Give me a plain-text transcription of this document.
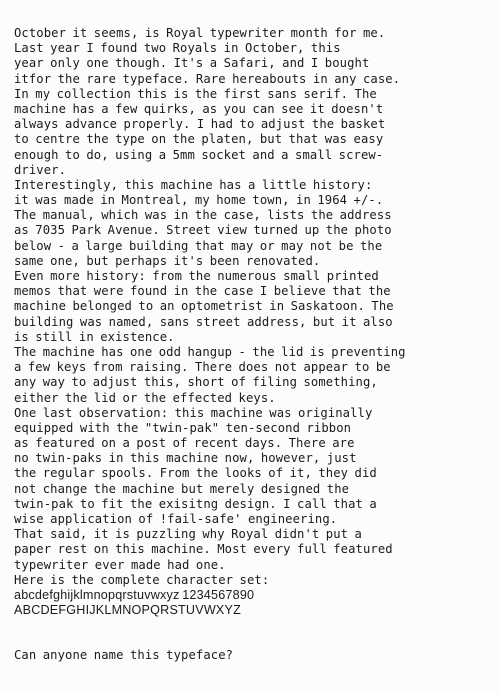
October it seems, is Royal typewriter month for me.
Last year I found two Royals in October, this
year only one though. It's a Safari, and I bought
itfor the rare typeface. Rare hereabouts in any case.
In my collection this is the first sans serif. The
machine has a few quirks, as you can see it doesn't
always advance properly. I had to adjust the basket
to centre the type on the platen, but that was easy
enough to do, using a 5mm socket and a small screw-
driver.
Interestingly, this machine has a little history:
it was made in Montreal, my home town, in 1964 +/-.
The manual, which was in the case, lists the address
as 7035 Park Avenue. Street view turned up the photo
below - a large building that may or may not be the
same one, but perhaps it's been renovated.
Even more history: from the numerous small printed
memos that were found in the case I believe that the
machine belonged to an optometrist in Saskatoon. The
building was named, sans street address, but it also
is still in existence.
The machine has one odd hangup - the lid is preventing
a few keys from raising. There does not appear to be
any way to adjust this, short of filing something,
either the lid or the effected keys.
One last observation: this machine was originally
equipped with the "twin-pak" ten-second ribbon
as featured on a post of recent days. There are
no twin-paks in this machine now, however, just
the regular spools. From the looks of it, they did
not change the machine but merely designed the
twin-pak to fit the exisitng design. I call that a
wise application of !fail-safe' engineering.
That said, it is puzzling why Royal didn't put a
paper rest on this machine. Most every full featured
typewriter ever made had one.
Here is the complete character set:
abcdefghijklmnopqrstuvwxyz 1234567890
ABCDEFGHIJKLMNOPQRSTUVWXYZ
Can anyone name this typeface?
